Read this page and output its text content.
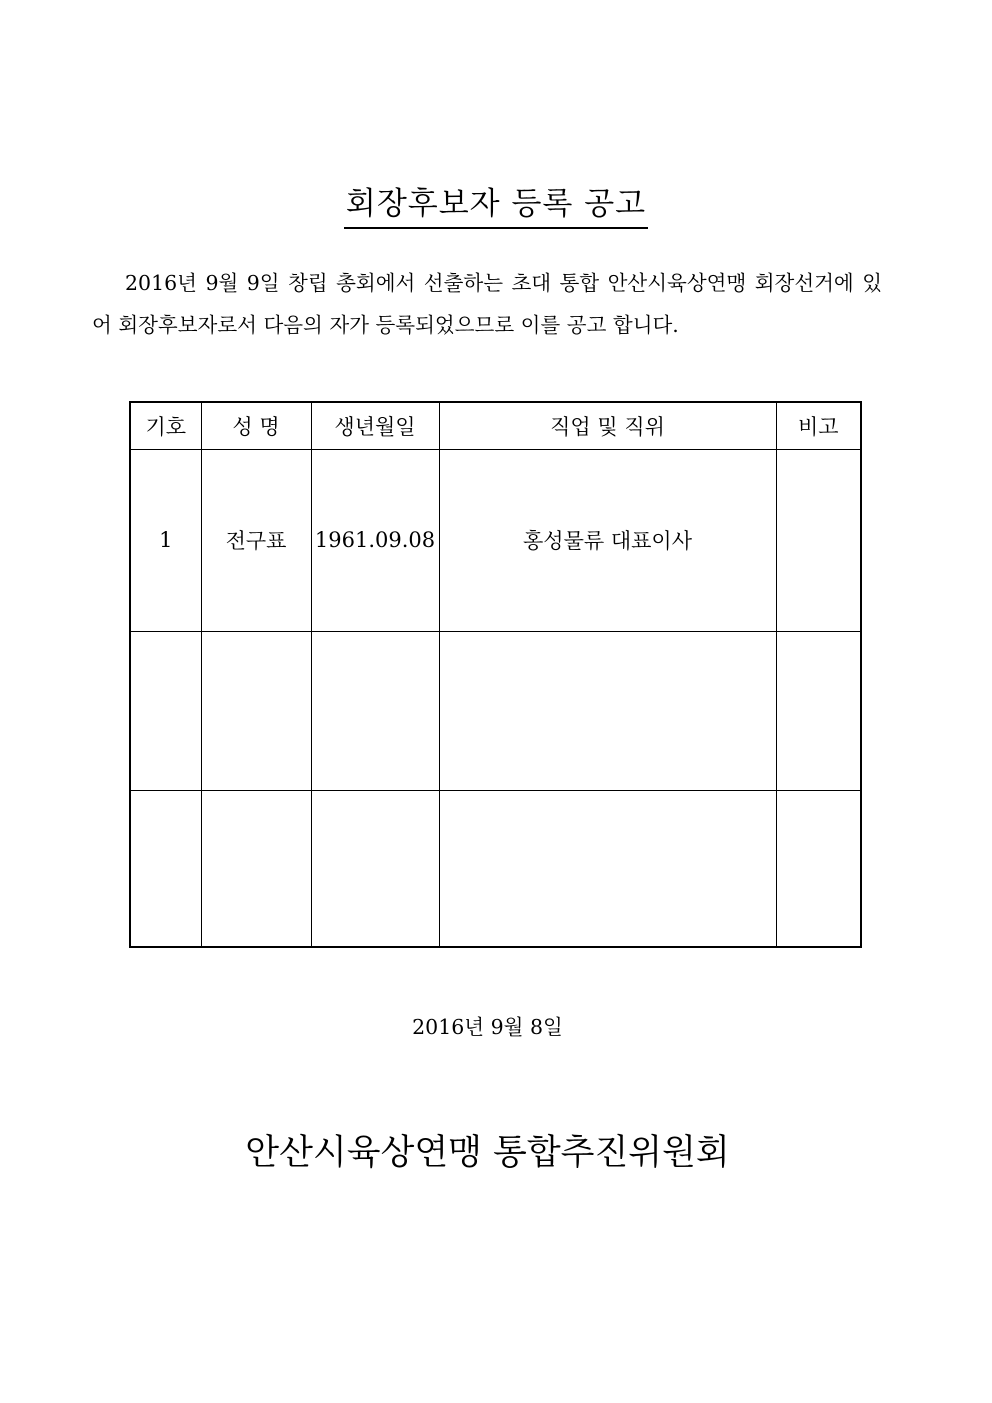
회장후보자 등록 공고

2016년 9월 9일 창립 총회에서 선출하는 초대 통합 안산시육상연맹 회장선거에 있어 회장후보자로서 다음의 자가 등록되었으므로 이를 공고 합니다.

기호	성 명	생년월일	직업 및 직위	비고
1	전구표	1961.09.08	홍성물류 대표이사	

2016년 9월 8일

안산시육상연맹 통합추진위원회
